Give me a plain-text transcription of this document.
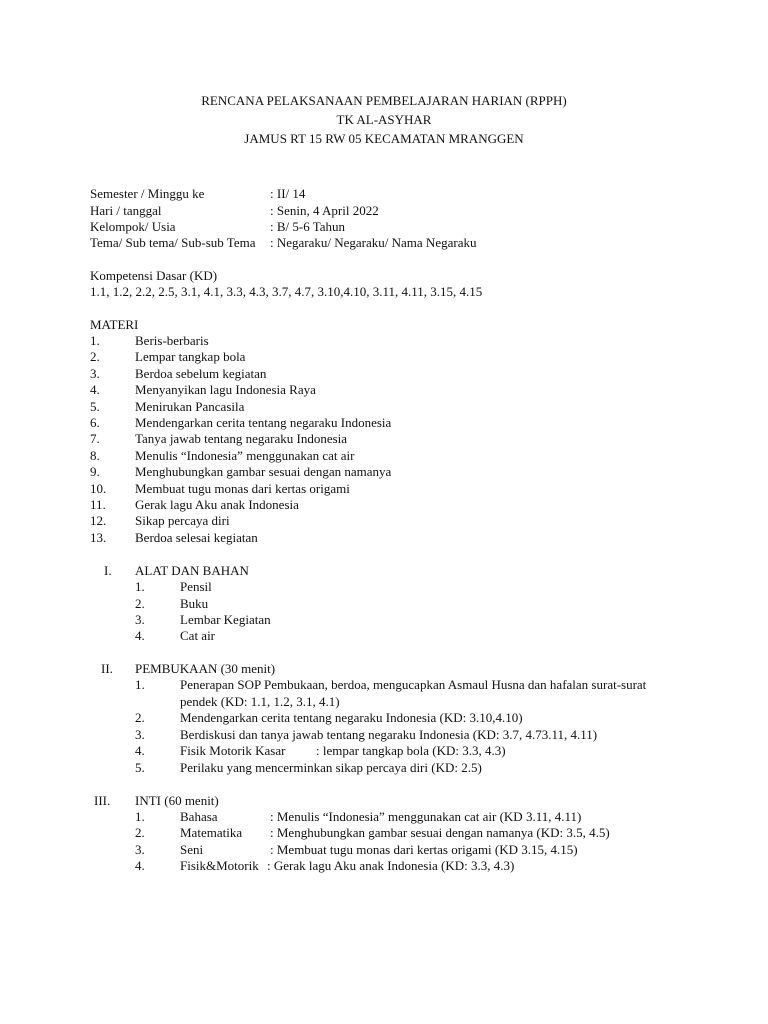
RENCANA PELAKSANAAN PEMBELAJARAN HARIAN (RPPH)
TK AL-ASYHAR
JAMUS RT 15 RW 05 KECAMATAN MRANGGEN
Semester / Minggu ke	: II/ 14
Hari / tanggal	: Senin, 4 April 2022
Kelompok/ Usia	: B/ 5-6 Tahun
Tema/ Sub tema/ Sub-sub Tema : Negaraku/ Negaraku/ Nama Negaraku
Kompetensi Dasar (KD)
1.1, 1.2, 2.2, 2.5, 3.1, 4.1, 3.3, 4.3, 3.7, 4.7, 3.10,4.10, 3.11, 4.11, 3.15, 4.15
MATERI
1.	Beris-berbaris
2.	Lempar tangkap bola
3.	Berdoa sebelum kegiatan
4.	Menyanyikan lagu Indonesia Raya
5.	Menirukan Pancasila
6.	Mendengarkan cerita tentang negaraku Indonesia
7.	Tanya jawab tentang negaraku Indonesia
8.	Menulis “Indonesia” menggunakan cat air
9.	Menghubungkan gambar sesuai dengan namanya
10. Membuat tugu monas dari kertas origami
11. Gerak lagu Aku anak Indonesia
12. Sikap percaya diri
13. Berdoa selesai kegiatan
I. ALAT DAN BAHAN
1.	Pensil
2.	Buku
3.	Lembar Kegiatan
4.	Cat air
II. PEMBUKAAN (30 menit)
1.	Penerapan SOP Pembukaan, berdoa, mengucapkan Asmaul Husna dan hafalan surat-surat
pendek (KD: 1.1, 1.2, 3.1, 4.1)
2.	Mendengarkan cerita tentang negaraku Indonesia (KD: 3.10,4.10)
3.	Berdiskusi dan tanya jawab tentang negaraku Indonesia (KD: 3.7, 4.73.11, 4.11)
4.	Fisik Motorik Kasar : lempar tangkap bola (KD: 3.3, 4.3)
5.	Perilaku yang mencerminkan sikap percaya diri (KD: 2.5)
III. INTI (60 menit)
1.	Bahasa	: Menulis “Indonesia” menggunakan cat air (KD 3.11, 4.11)
2.	Matematika : Menghubungkan gambar sesuai dengan namanya (KD: 3.5, 4.5)
3.	Seni	: Membuat tugu monas dari kertas origami (KD 3.15, 4.15)
4.	Fisik&Motorik : Gerak lagu Aku anak Indonesia (KD: 3.3, 4.3)
